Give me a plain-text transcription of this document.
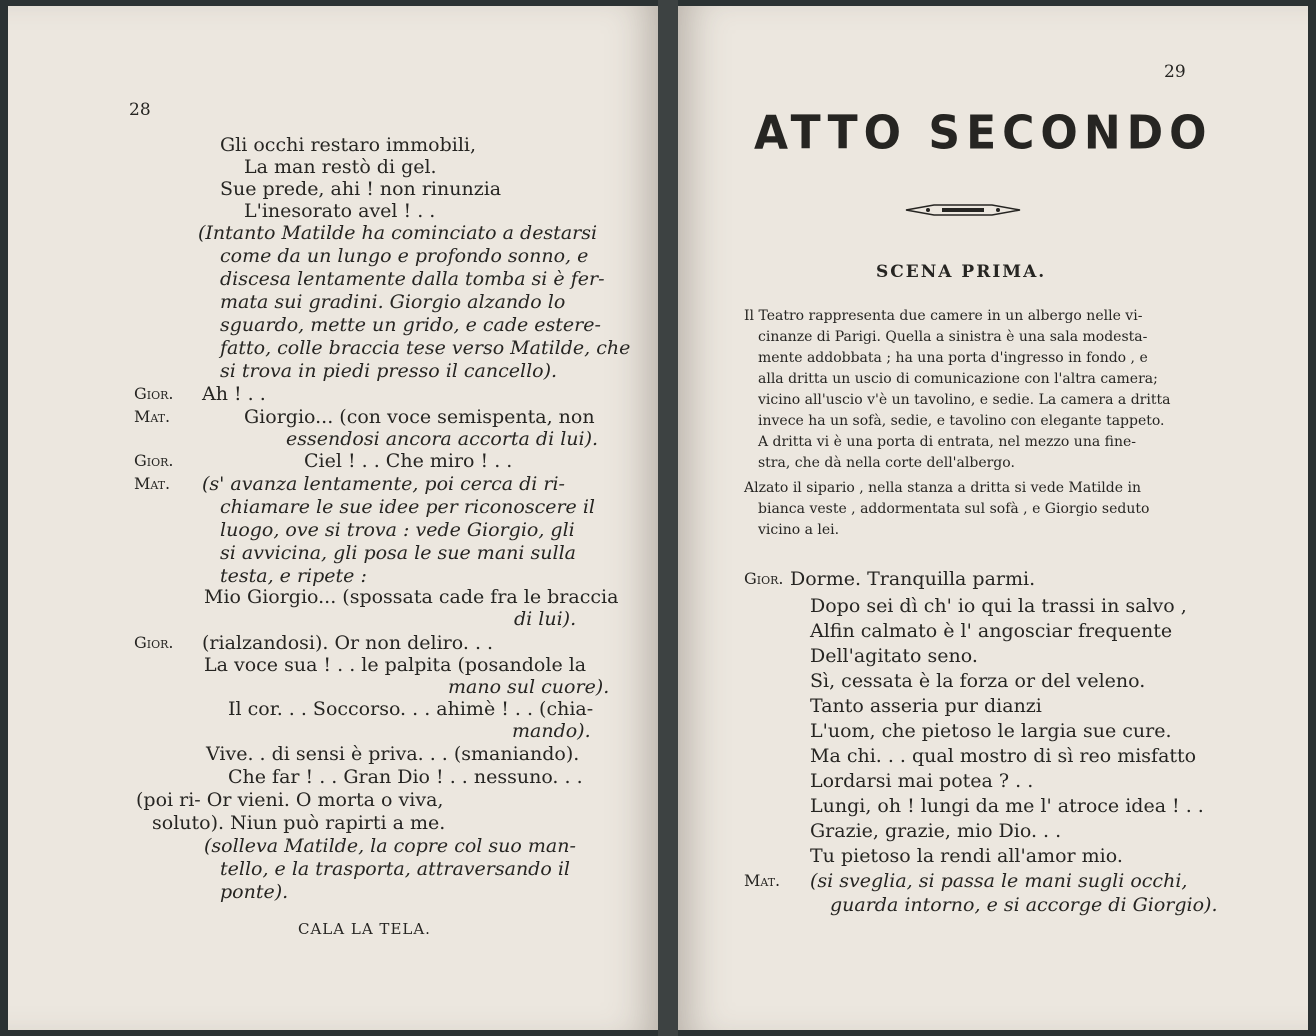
28
Gli occhi restaro immobili,
La man restò di gel.
Sue prede, ahi ! non rinunzia
L'inesorato avel ! . .
(Intanto Matilde ha cominciato a destarsi
come da un lungo e profondo sonno, e
discesa lentamente dalla tomba si è fer-
mata sui gradini. Giorgio alzando lo
sguardo, mette un grido, e cade estere-
fatto, colle braccia tese verso Matilde, che
si trova in piedi presso il cancello).
Gior. Ah ! . .
Mat.	Giorgio... (con voce semispenta, non
essendosi ancora accorta di lui).
Gior.	Ciel ! . . Che miro ! . .
Mat. (s' avanza lentamente, poi cerca di ri-
chiamare le sue idee per riconoscere il
luogo, ove si trova : vede Giorgio, gli
si avvicina, gli posa le sue mani sulla
testa, e ripete :
Mio Giorgio... (spossata cade fra le braccia
di lui).
Gior. (rialzandosi). Or non deliro. . .
La voce sua ! . . le palpita (posandole la
mano sul cuore).
Il cor. . . Soccorso. . . ahimè ! . . (chia-
mando).
Vive. . di sensi è priva. . . (smaniando).
Che far ! . . Gran Dio ! . . nessuno. . .
(poi ri- Or vieni. O morta o viva,
soluto). Niun può rapirti a me.
(solleva Matilde, la copre col suo man-
tello, e la trasporta, attraversando il
ponte).
CALA LA TELA.
29
ATTO SECONDO
SCENA PRIMA.
Il Teatro rappresenta due camere in un albergo nelle vi-
cinanze di Parigi. Quella a sinistra è una sala modesta-
mente addobbata ; ha una porta d'ingresso in fondo , e
alla dritta un uscio di comunicazione con l'altra camera;
vicino all'uscio v'è un tavolino, e sedie. La camera a dritta
invece ha un sofà, sedie, e tavolino con elegante tappeto.
A dritta vi è una porta di entrata, nel mezzo una fine-
stra, che dà nella corte dell'albergo.
Alzato il sipario , nella stanza a dritta si vede Matilde in
bianca veste , addormentata sul sofà , e Giorgio seduto
vicino a lei.
Gior. Dorme. Tranquilla parmi.
Dopo sei dì ch' io qui la trassi in salvo ,
Alfin calmato è l' angosciar frequente
Dell'agitato seno.
Sì, cessata è la forza or del veleno.
Tanto asseria pur dianzi
L'uom, che pietoso le largia sue cure.
Ma chi. . . qual mostro di sì reo misfatto
Lordarsi mai potea ? . .
Lungi, oh ! lungi da me l' atroce idea ! . .
Grazie, grazie, mio Dio. . .
Tu pietoso la rendi all'amor mio.
Mat. (si sveglia, si passa le mani sugli occhi,
guarda intorno, e si accorge di Giorgio).
